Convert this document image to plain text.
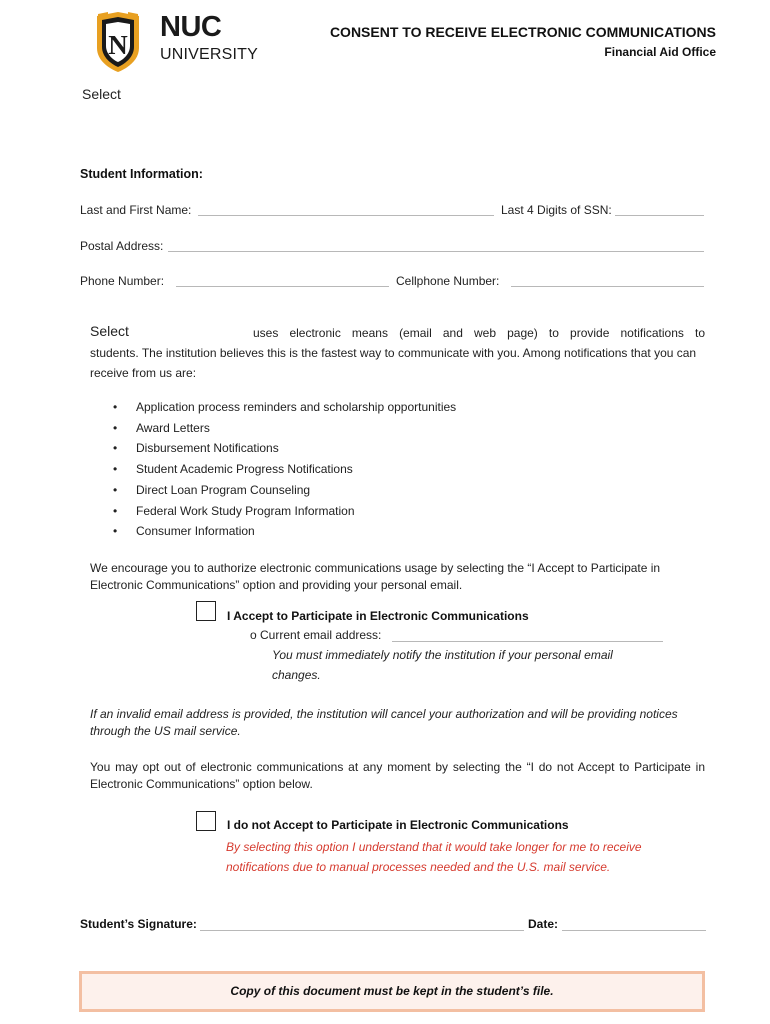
N
NUC
UNIVERSITY
CONSENT TO RECEIVE ELECTRONIC COMMUNICATIONS
Financial Aid Office
Select
Student Information:
Last and First Name:	Last 4 Digits of SSN:
Postal Address:
Phone Number:	Cellphone Number:
Select	uses electronic means (email and web page) to provide notifications to
students. The institution believes this is the fastest way to communicate with you. Among notifications that you can receive from us are:
• Application process reminders and scholarship opportunities
• Award Letters
• Disbursement Notifications
• Student Academic Progress Notifications
• Direct Loan Program Counseling
• Federal Work Study Program Information
• Consumer Information
We encourage you to authorize electronic communications usage by selecting the “I Accept to Participate in Electronic Communications” option and providing your personal email.
I Accept to Participate in Electronic Communications
o Current email address:
You must immediately notify the institution if your personal email changes.
If an invalid email address is provided, the institution will cancel your authorization and will be providing notices through the US mail service.
You may opt out of electronic communications at any moment by selecting the “I do not Accept to Participate in Electronic Communications” option below.
I do not Accept to Participate in Electronic Communications
By selecting this option I understand that it would take longer for me to receive notifications due to manual processes needed and the U.S. mail service.
Student’s Signature:	Date:
Copy of this document must be kept in the student’s file.
